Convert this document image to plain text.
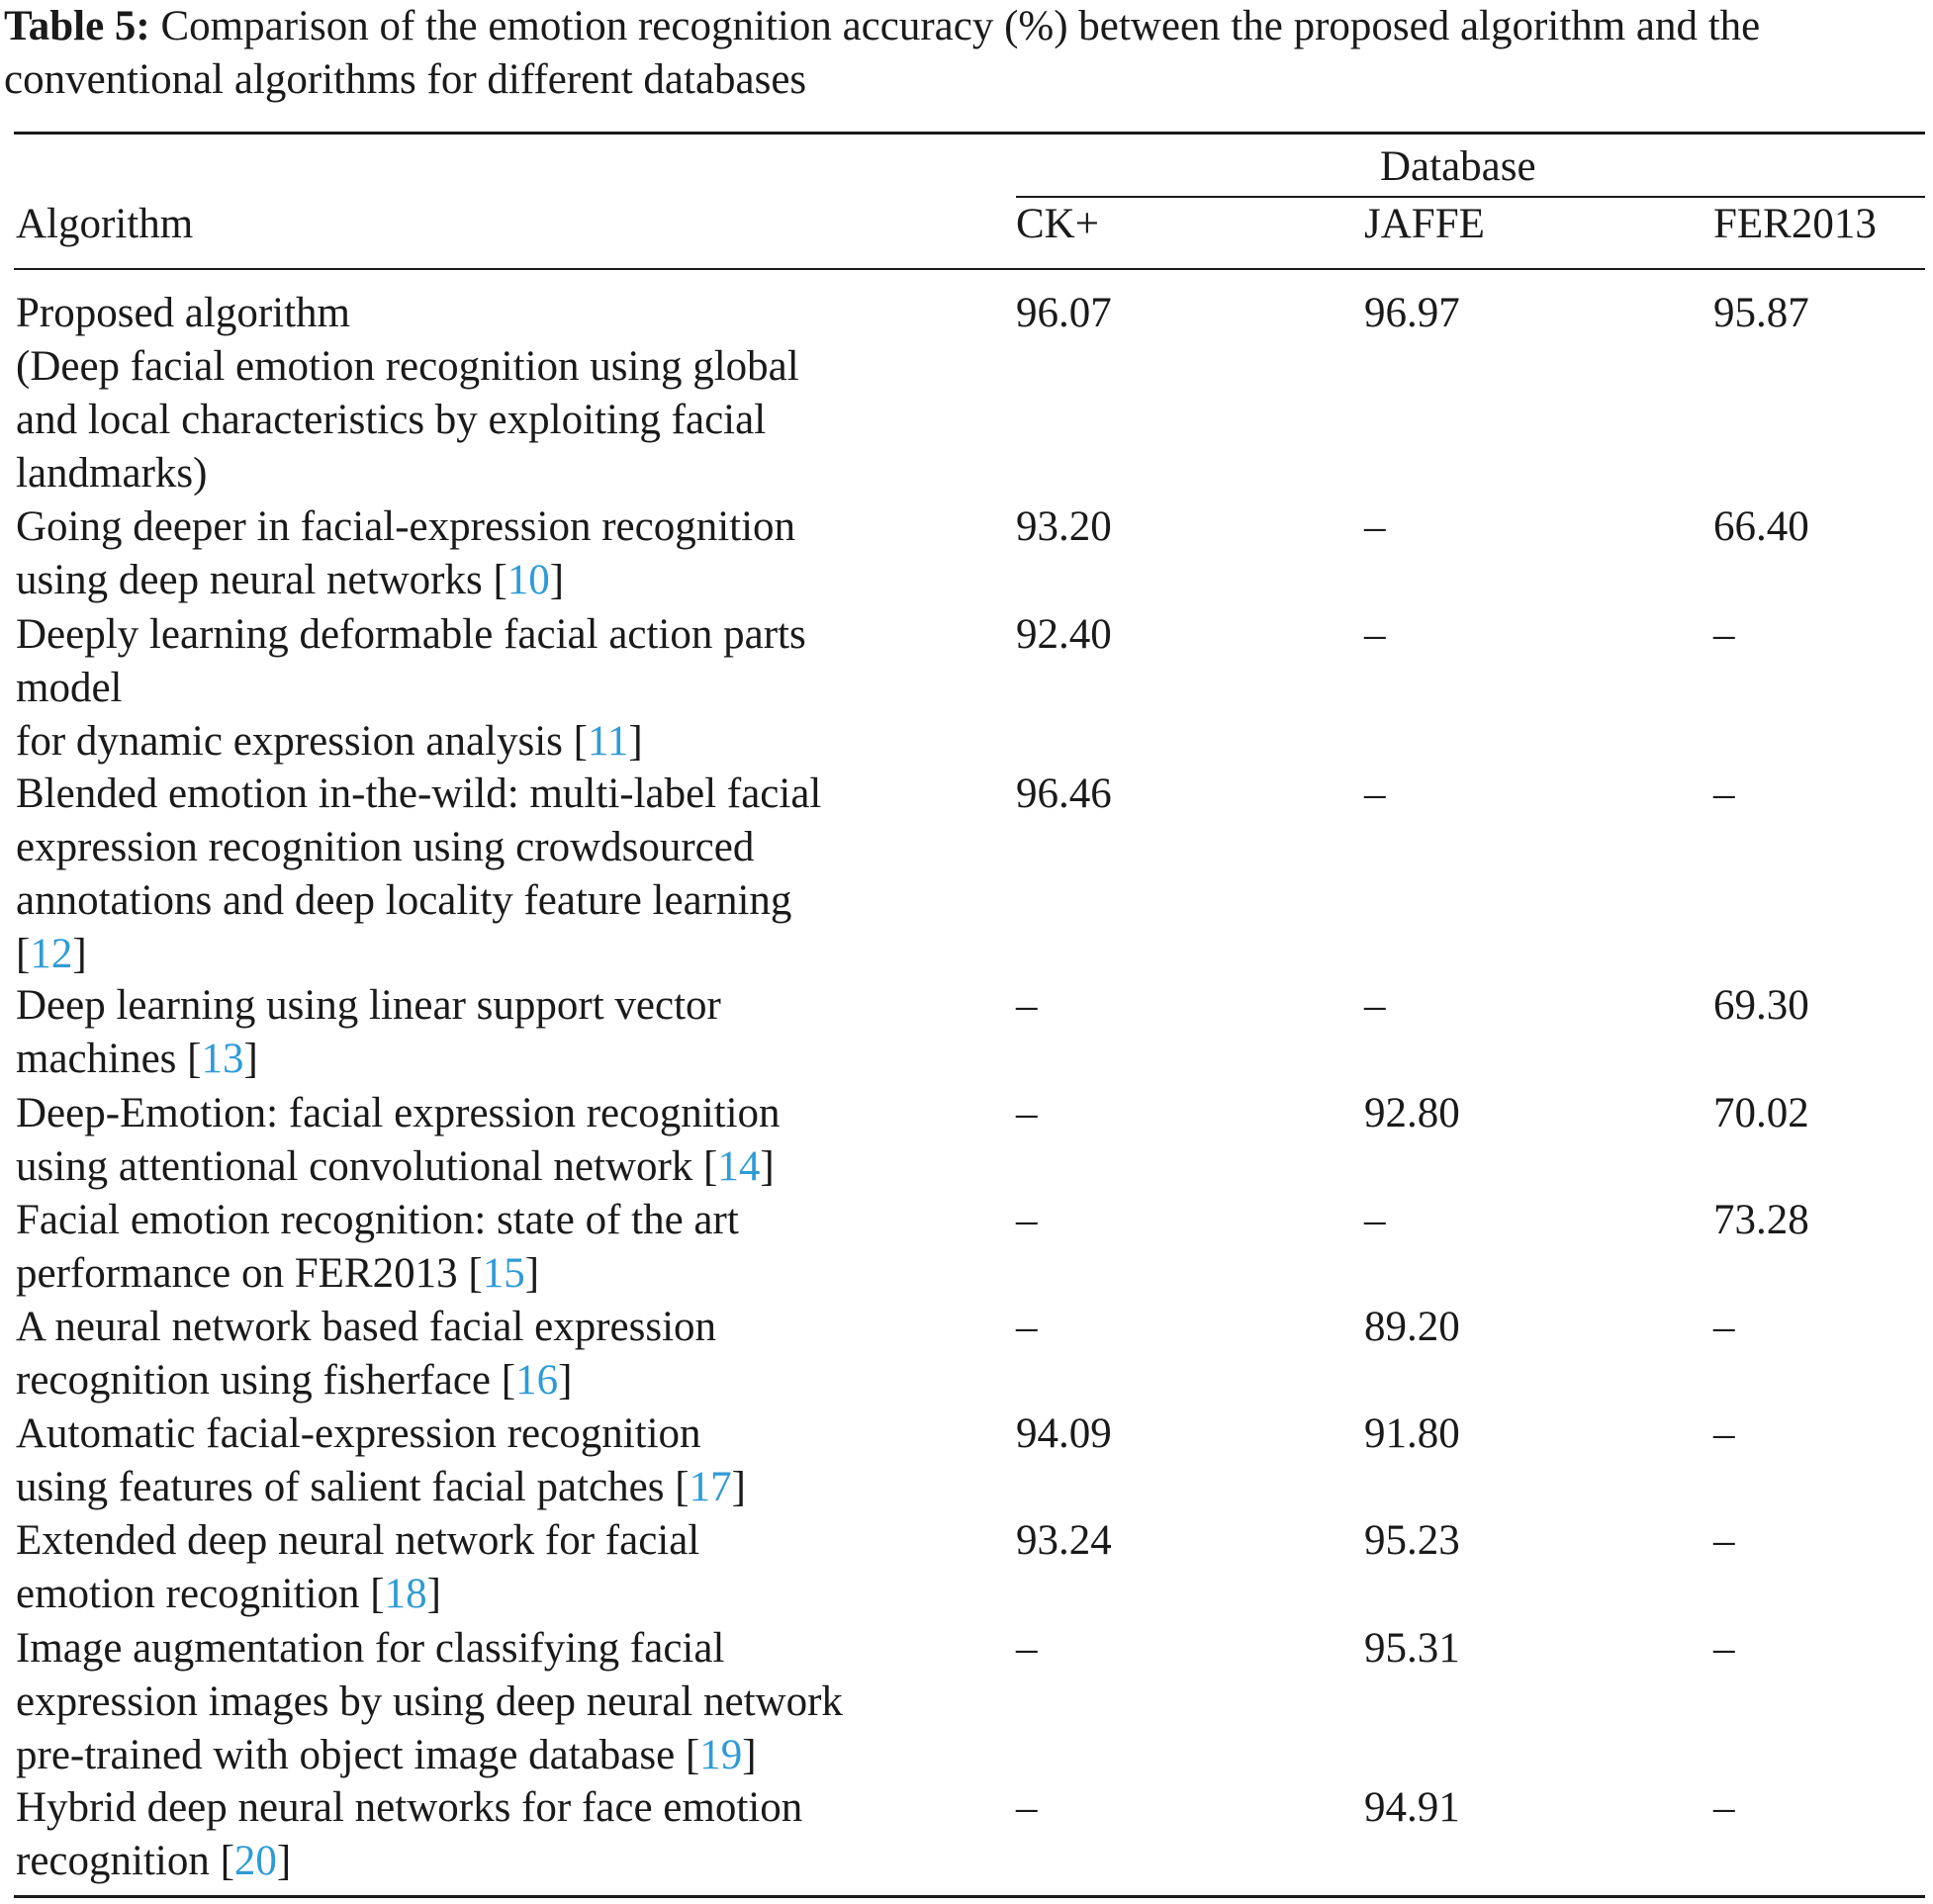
Table 5: Comparison of the emotion recognition accuracy (%) between the proposed algorithm and the conventional algorithms for different databases
Database
Algorithm	CK+	JAFFE	FER2013
Proposed algorithm
(Deep facial emotion recognition using global
and local characteristics by exploiting facial
landmarks)
96.07	96.97	95.87
Going deeper in facial-expression recognition
using deep neural networks [10]
93.20	–	66.40
Deeply learning deformable facial action parts
model
for dynamic expression analysis [11]
92.40	–	–
Blended emotion in-the-wild: multi-label facial
expression recognition using crowdsourced
annotations and deep locality feature learning
[12]
96.46	–	–
Deep learning using linear support vector
machines [13]
–	–	69.30
Deep-Emotion: facial expression recognition
using attentional convolutional network [14]
–	92.80	70.02
Facial emotion recognition: state of the art
performance on FER2013 [15]
–	–	73.28
A neural network based facial expression
recognition using fisherface [16]
–	89.20	–
Automatic facial-expression recognition
using features of salient facial patches [17]
94.09	91.80	–
Extended deep neural network for facial
emotion recognition [18]
93.24	95.23	–
Image augmentation for classifying facial
expression images by using deep neural network
pre-trained with object image database [19]
–	95.31	–
Hybrid deep neural networks for face emotion
recognition [20]
–	94.91	–
